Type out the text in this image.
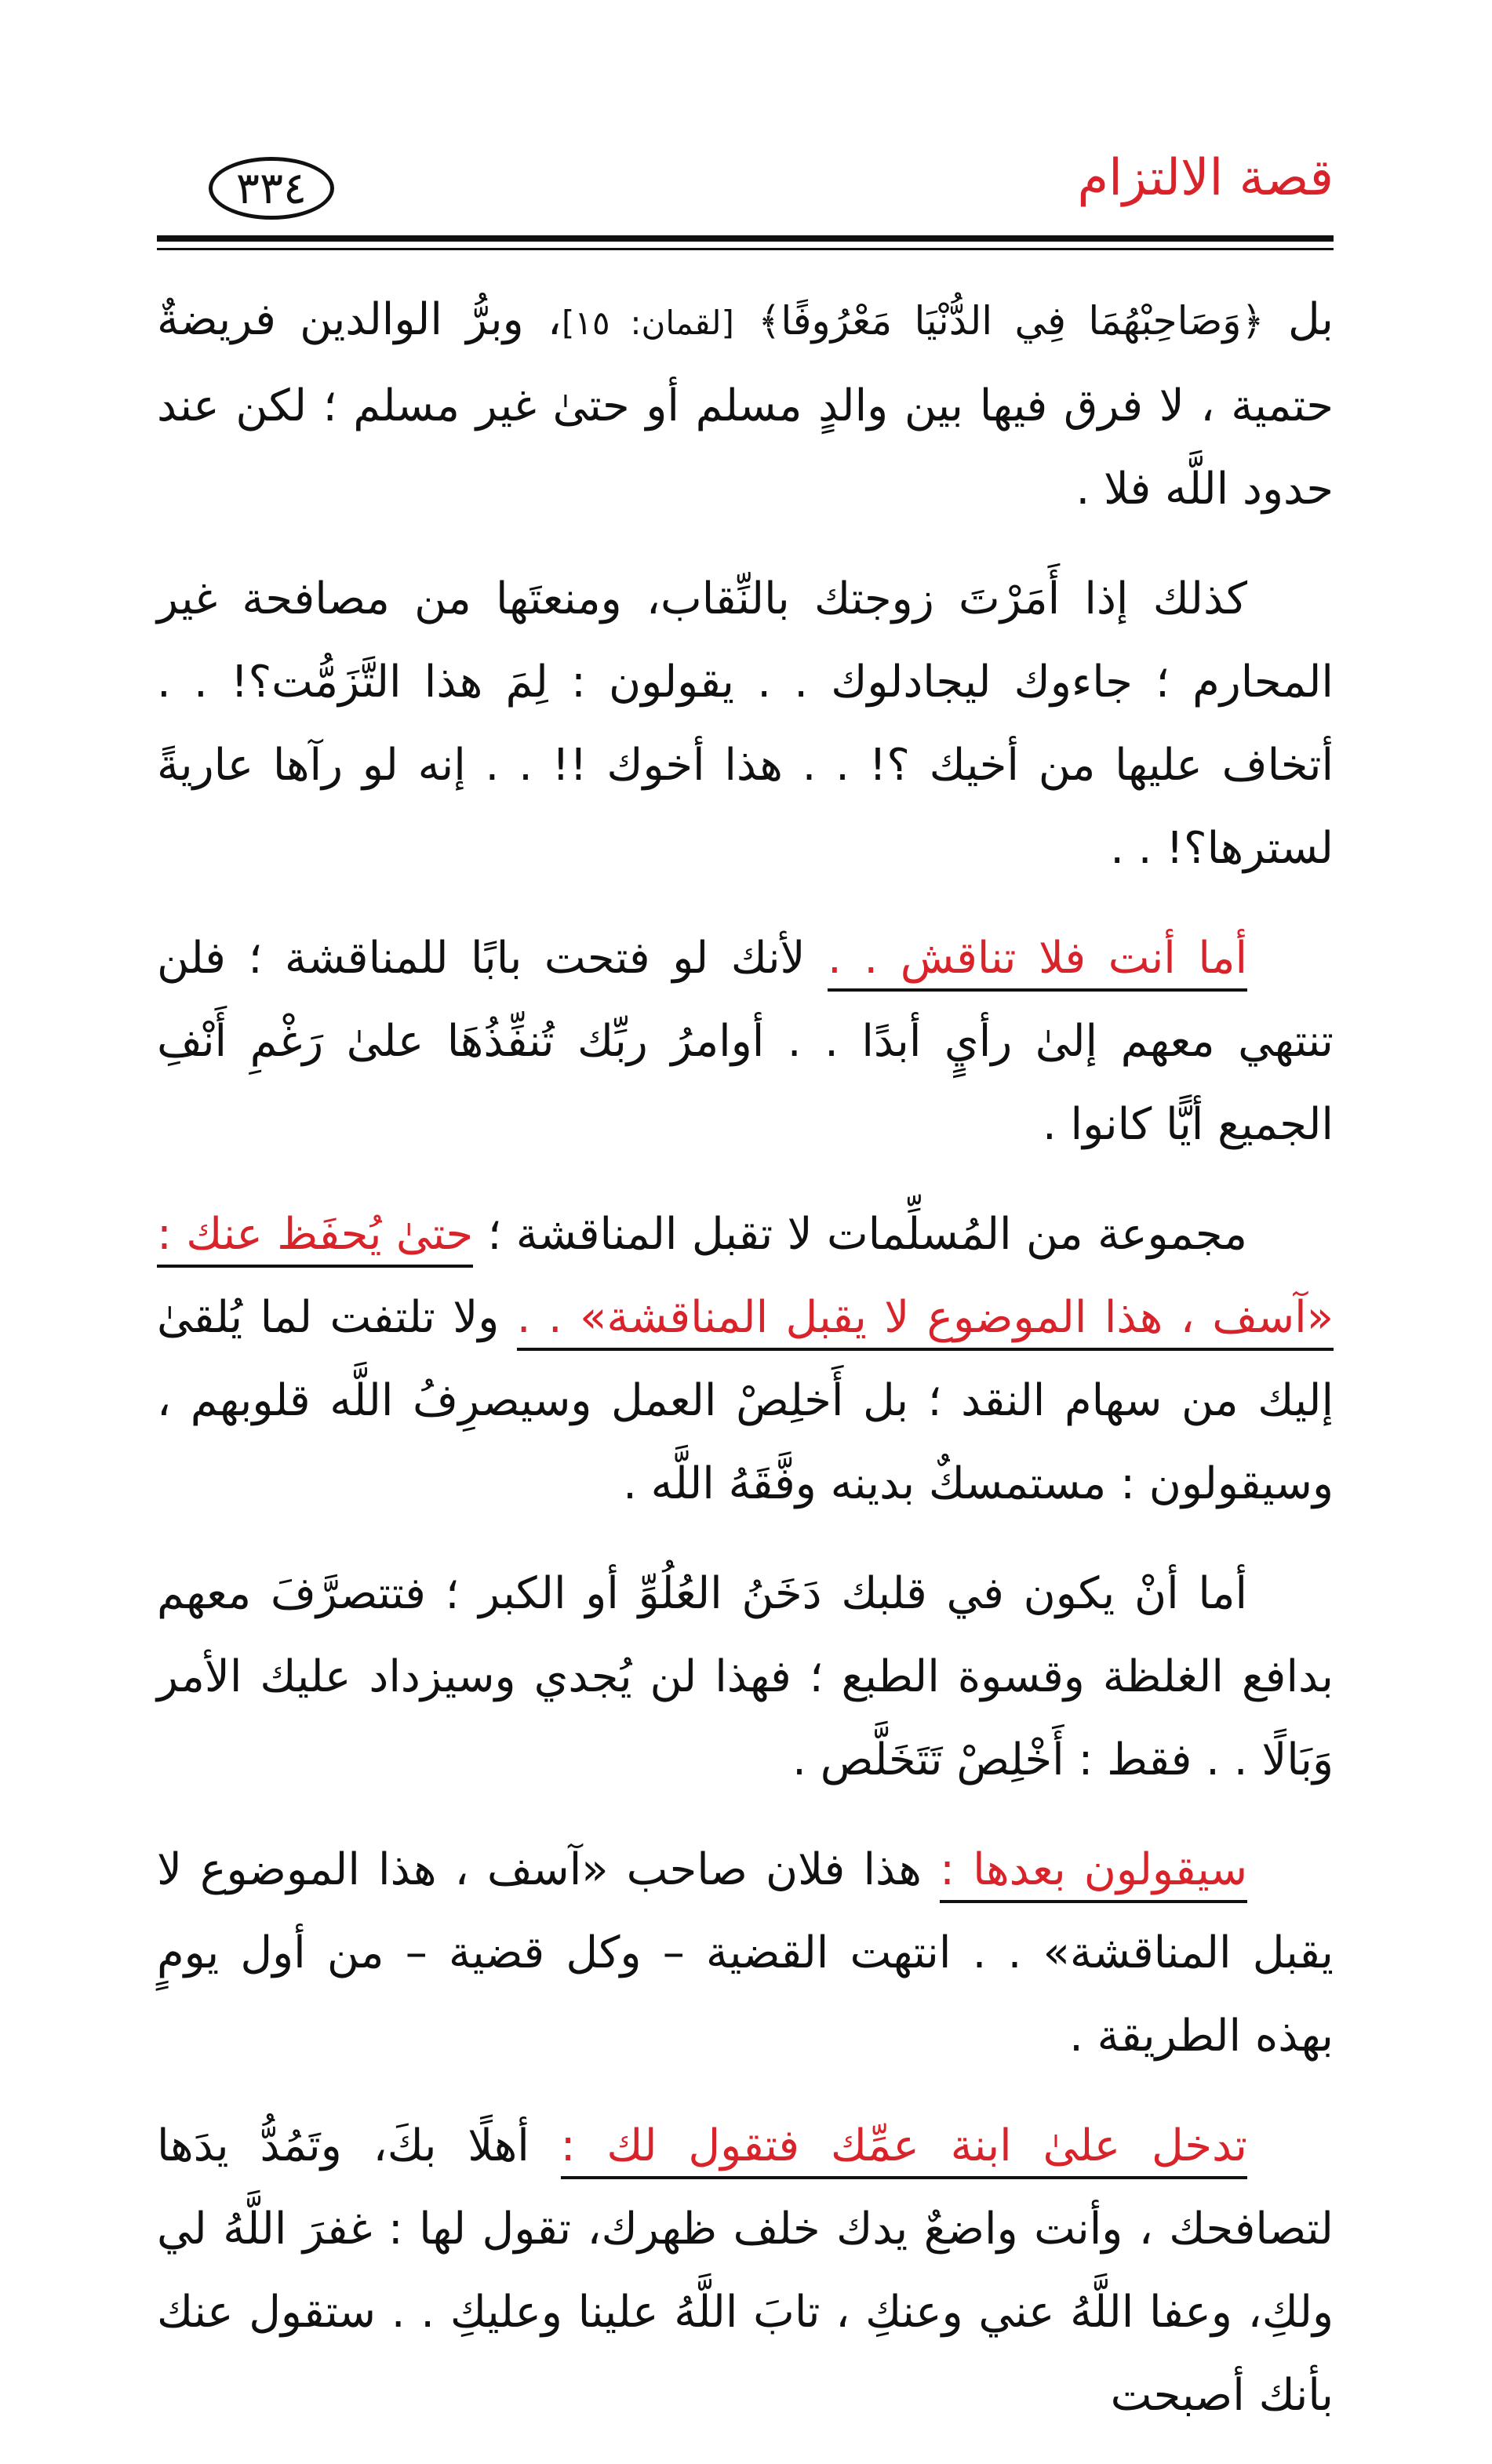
٣٣٤	قصة الالتزام

بل ﴿وَصَاحِبْهُمَا فِي الدُّنْيَا مَعْرُوفًا﴾ [لقمان: ١٥]، وبرُّ الوالدين فريضةٌ حتمية ، لا فرق فيها بين والدٍ مسلم أو حتىٰ غير مسلم ؛ لكن عند حدود اللَّه فلا .

كذلك إذا أَمَرْتَ زوجتك بالنِّقاب، ومنعتَها من مصافحة غير المحارم ؛ جاءوك ليجادلوك . . يقولون : لِمَ هذا التَّزَمُّت؟! . . أتخاف عليها من أخيك ؟! . . هذا أخوك !! . . إنه لو رآها عاريةً لسترها؟! . .

أما أنت فلا تناقش . . لأنك لو فتحت بابًا للمناقشة ؛ فلن تنتهي معهم إلىٰ رأيٍ أبدًا . . أوامرُ ربِّك تُنفِّذُهَا علىٰ رَغْمِ أَنْفِ الجميع أيًّا كانوا .

مجموعة من المُسلِّمات لا تقبل المناقشة ؛ حتىٰ يُحفَظ عنك : «آسف ، هذا الموضوع لا يقبل المناقشة» . . ولا تلتفت لما يُلقىٰ إليك من سهام النقد ؛ بل أَخلِصْ العمل وسيصرِفُ اللَّه قلوبهم ، وسيقولون : مستمسكٌ بدينه وفَّقَهُ اللَّه .

أما أنْ يكون في قلبك دَخَنُ العُلُوِّ أو الكبر ؛ فتتصرَّفَ معهم بدافع الغلظة وقسوة الطبع ؛ فهذا لن يُجدي وسيزداد عليك الأمر وَبَالًا . . فقط : أَخْلِصْ تَتَخَلَّص .

سيقولون بعدها : هذا فلان صاحب «آسف ، هذا الموضوع لا يقبل المناقشة» . . انتهت القضية – وكل قضية – من أول يومٍ بهذه الطريقة .

تدخل علىٰ ابنة عمِّك فتقول لك : أهلًا بكَ، وتَمُدُّ يدَها لتصافحك ، وأنت واضعٌ يدك خلف ظهرك، تقول لها : غفرَ اللَّهُ لي ولكِ، وعفا اللَّهُ عني وعنكِ ، تابَ اللَّهُ علينا وعليكِ . . ستقول عنك بأنك أصبحت
